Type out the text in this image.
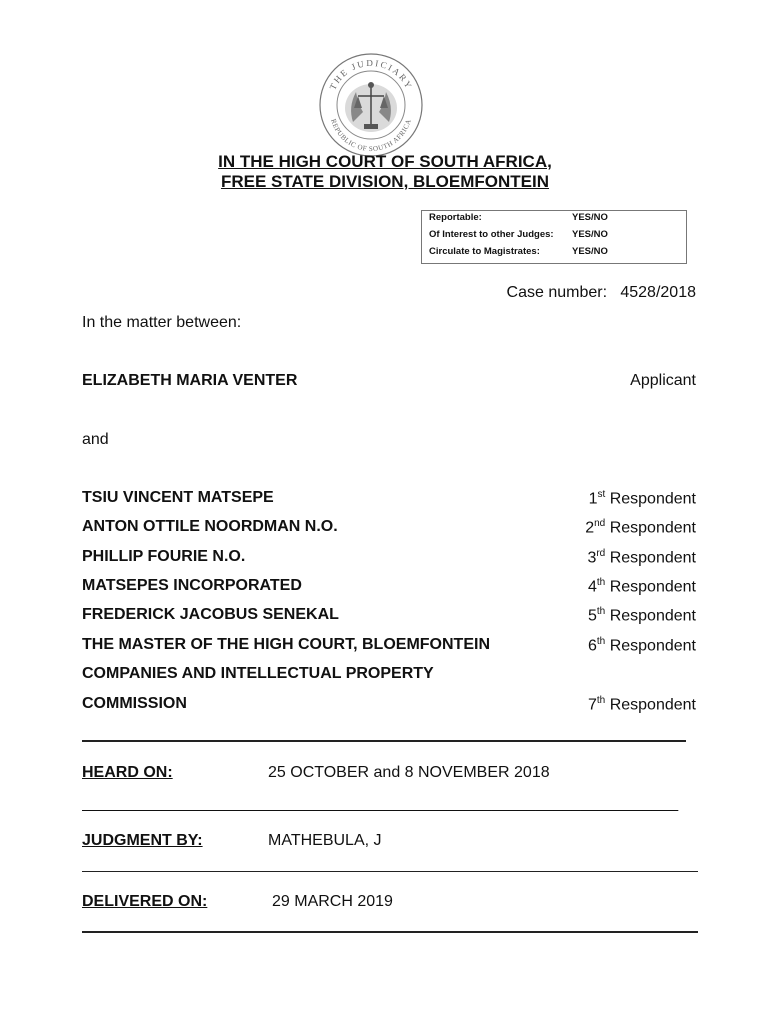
THE JUDICIARY
REPUBLIC OF SOUTH AFRICA
IN THE HIGH COURT OF SOUTH AFRICA,
FREE STATE DIVISION, BLOEMFONTEIN
Reportable:	YES/NO
Of Interest to other Judges: YES/NO
Circulate to Magistrates:	YES/NO
Case number: 4528/2018
In the matter between:
ELIZABETH MARIA VENTER	Applicant
and
TSIU VINCENT MATSEPE	1st Respondent
ANTON OTTILE NOORDMAN N.O.	2nd Respondent
PHILLIP FOURIE N.O.	3rd Respondent
MATSEPES INCORPORATED	4th Respondent
FREDERICK JACOBUS SENEKAL	5th Respondent
THE MASTER OF THE HIGH COURT, BLOEMFONTEIN	6th Respondent
COMPANIES AND INTELLECTUAL PROPERTY
COMMISSION	7th Respondent
HEARD ON:	25 OCTOBER and 8 NOVEMBER 2018
___________________________________________________________________
JUDGMENT BY:	MATHEBULA, J
DELIVERED ON:	29 MARCH 2019
